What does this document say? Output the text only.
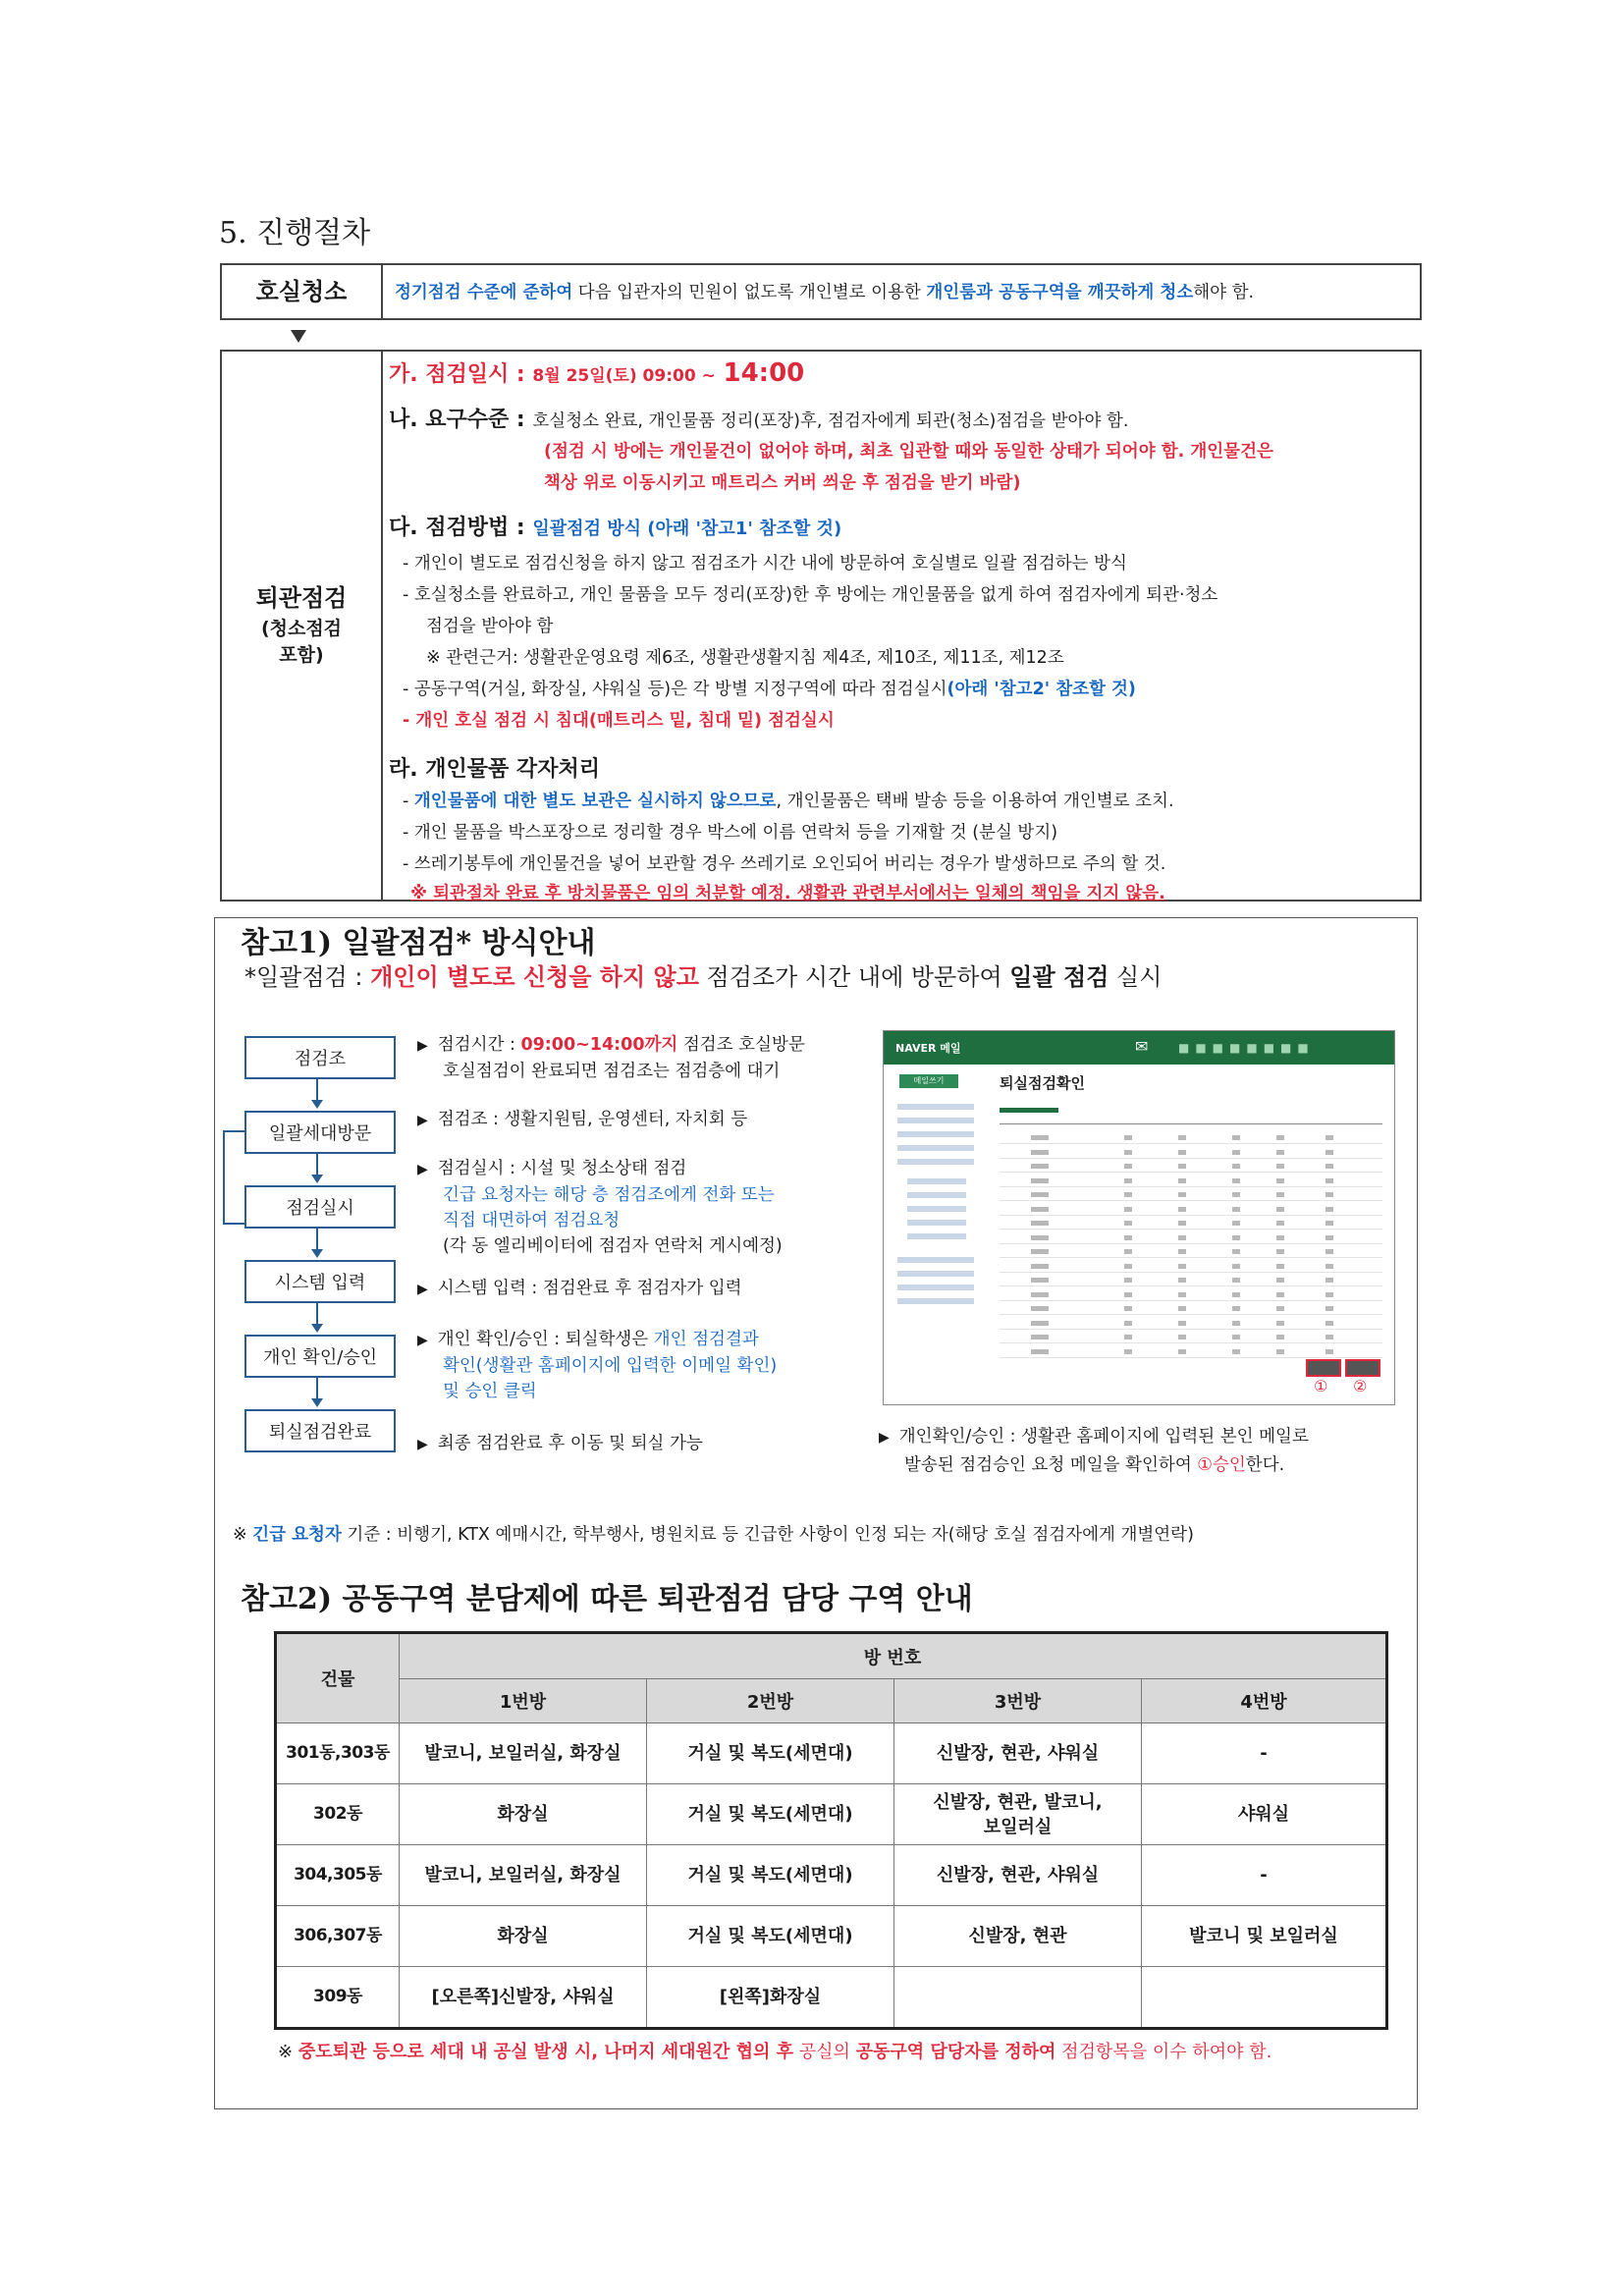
5. 진행절차
호실청소	정기점검 수준에 준하여 다음 입관자의 민원이 없도록 개인별로 이용한 개인룸과 공동구역을 깨끗하게 청소해야 함.
퇴관점검
(청소점검
포함)
가. 점검일시 : 8월 25일(토) 09:00 ~ 14:00
나. 요구수준 : 호실청소 완료, 개인물품 정리(포장)후, 점검자에게 퇴관(청소)점검을 받아야 함.
(점검 시 방에는 개인물건이 없어야 하며, 최초 입관할 때와 동일한 상태가 되어야 함. 개인물건은
책상 위로 이동시키고 매트리스 커버 씌운 후 점검을 받기 바람)
다. 점검방법 : 일괄점검 방식 (아래 '참고1' 참조할 것)
- 개인이 별도로 점검신청을 하지 않고 점검조가 시간 내에 방문하여 호실별로 일괄 점검하는 방식
- 호실청소를 완료하고, 개인 물품을 모두 정리(포장)한 후 방에는 개인물품을 없게 하여 점검자에게 퇴관·청소
점검을 받아야 함
※ 관련근거: 생활관운영요령 제6조, 생활관생활지침 제4조, 제10조, 제11조, 제12조
- 공동구역(거실, 화장실, 샤워실 등)은 각 방별 지정구역에 따라 점검실시(아래 '참고2' 참조할 것)
- 개인 호실 점검 시 침대(매트리스 밑, 침대 밑) 점검실시
라. 개인물품 각자처리
- 개인물품에 대한 별도 보관은 실시하지 않으므로, 개인물품은 택배 발송 등을 이용하여 개인별로 조치.
- 개인 물품을 박스포장으로 정리할 경우 박스에 이름 연락처 등을 기재할 것 (분실 방지)
- 쓰레기봉투에 개인물건을 넣어 보관할 경우 쓰레기로 오인되어 버리는 경우가 발생하므로 주의 할 것.
※ 퇴관절차 완료 후 방치물품은 임의 처분할 예정. 생활관 관련부서에서는 일체의 책임을 지지 않음.
참고1) 일괄점검* 방식안내
*일괄점검 : 개인이 별도로 신청을 하지 않고 점검조가 시간 내에 방문하여 일괄 점검 실시
점검조
일괄세대방문
점검실시
시스템 입력
개인 확인/승인
퇴실점검완료
▶ 점검시간 : 09:00~14:00까지 점검조 호실방문
호실점검이 완료되면 점검조는 점검층에 대기
▶ 점검조 : 생활지원팀, 운영센터, 자치회 등
▶ 점검실시 : 시설 및 청소상태 점검
긴급 요청자는 해당 층 점검조에게 전화 또는
직접 대면하여 점검요청
(각 동 엘리베이터에 점검자 연락처 게시예정)
▶ 시스템 입력 : 점검완료 후 점검자가 입력
▶ 개인 확인/승인 : 퇴실학생은 개인 점검결과
확인(생활관 홈페이지에 입력한 이메일 확인)
및 승인 클릭
▶ 최종 점검완료 후 이동 및 퇴실 가능
NAVER 메일	✉	■■■■■■■■
메일쓰기	퇴실점검확인
① ②
▶ 개인확인/승인 : 생활관 홈페이지에 입력된 본인 메일로
발송된 점검승인 요청 메일을 확인하여 ①승인한다.
※ 긴급 요청자 기준 : 비행기, KTX 예매시간, 학부행사, 병원치료 등 긴급한 사항이 인정 되는 자(해당 호실 점검자에게 개별연락)
참고2) 공동구역 분담제에 따른 퇴관점검 담당 구역 안내
건물	방 번호			
	1번방	2번방	3번방	4번방
301동,303동	발코니, 보일러실, 화장실	거실 및 복도(세면대)	신발장, 현관, 샤워실	-
302동	화장실	거실 및 복도(세면대)	신발장, 현관, 발코니,
보일러실	샤워실
304,305동	발코니, 보일러실, 화장실	거실 및 복도(세면대)	신발장, 현관, 샤워실	-
306,307동	화장실	거실 및 복도(세면대)	신발장, 현관	발코니 및 보일러실
309동	[오른쪽]신발장, 샤워실	[왼쪽]화장실		
※ 중도퇴관 등으로 세대 내 공실 발생 시, 나머지 세대원간 협의 후 공실의 공동구역 담당자를 정하여 점검항목을 이수 하여야 함.
